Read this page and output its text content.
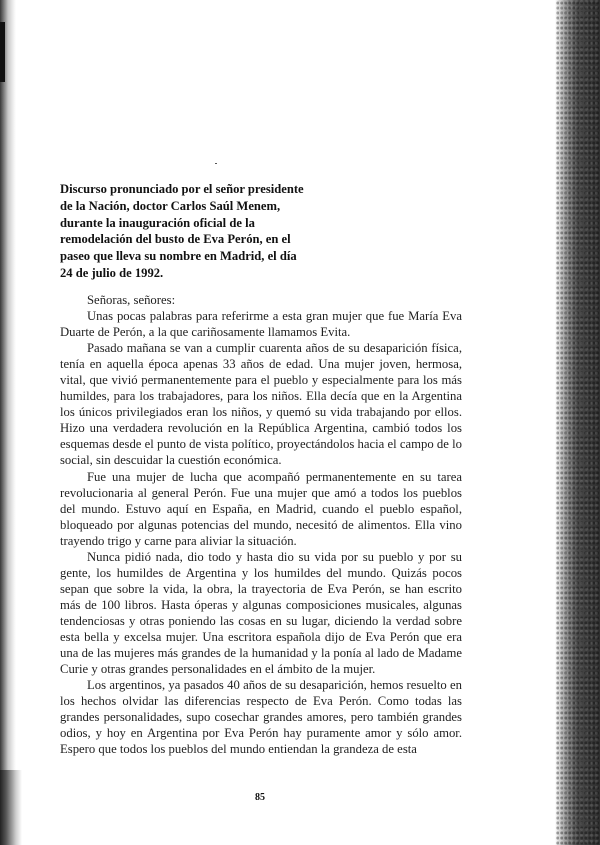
Discurso pronunciado por el señor presidente de la Nación, doctor Carlos Saúl Menem, durante la inauguración oficial de la remodelación del busto de Eva Perón, en el paseo que lleva su nombre en Madrid, el día 24 de julio de 1992.

Señoras, señores:

Unas pocas palabras para referirme a esta gran mujer que fue María Eva Duarte de Perón, a la que cariñosamente llamamos Evita.

Pasado mañana se van a cumplir cuarenta años de su desaparición física, tenía en aquella época apenas 33 años de edad. Una mujer joven, hermosa, vital, que vivió permanentemente para el pueblo y especialmente para los más humildes, para los trabajadores, para los niños. Ella decía que en la Argentina los únicos privilegiados eran los niños, y quemó su vida trabajando por ellos. Hizo una verdadera revolución en la República Argentina, cambió todos los esquemas desde el punto de vista político, proyectándolos hacia el campo de lo social, sin descuidar la cuestión económica.

Fue una mujer de lucha que acompañó permanentemente en su tarea revolucionaria al general Perón. Fue una mujer que amó a todos los pueblos del mundo. Estuvo aquí en España, en Madrid, cuando el pueblo español, bloqueado por algunas potencias del mundo, necesitó de alimentos. Ella vino trayendo trigo y carne para aliviar la situación.

Nunca pidió nada, dio todo y hasta dio su vida por su pueblo y por su gente, los humildes de Argentina y los humildes del mundo. Quizás pocos sepan que sobre la vida, la obra, la trayectoria de Eva Perón, se han escrito más de 100 libros. Hasta óperas y algunas composiciones musicales, algunas tendenciosas y otras poniendo las cosas en su lugar, diciendo la verdad sobre esta bella y excelsa mujer. Una escritora española dijo de Eva Perón que era una de las mujeres más grandes de la humanidad y la ponía al lado de Madame Curie y otras grandes personalidades en el ámbito de la mujer.

Los argentinos, ya pasados 40 años de su desaparición, hemos resuelto en los hechos olvidar las diferencias respecto de Eva Perón. Como todas las grandes personalidades, supo cosechar grandes amores, pero también grandes odios, y hoy en Argentina por Eva Perón hay puramente amor y sólo amor. Espero que todos los pueblos del mundo entiendan la grandeza de esta

85
